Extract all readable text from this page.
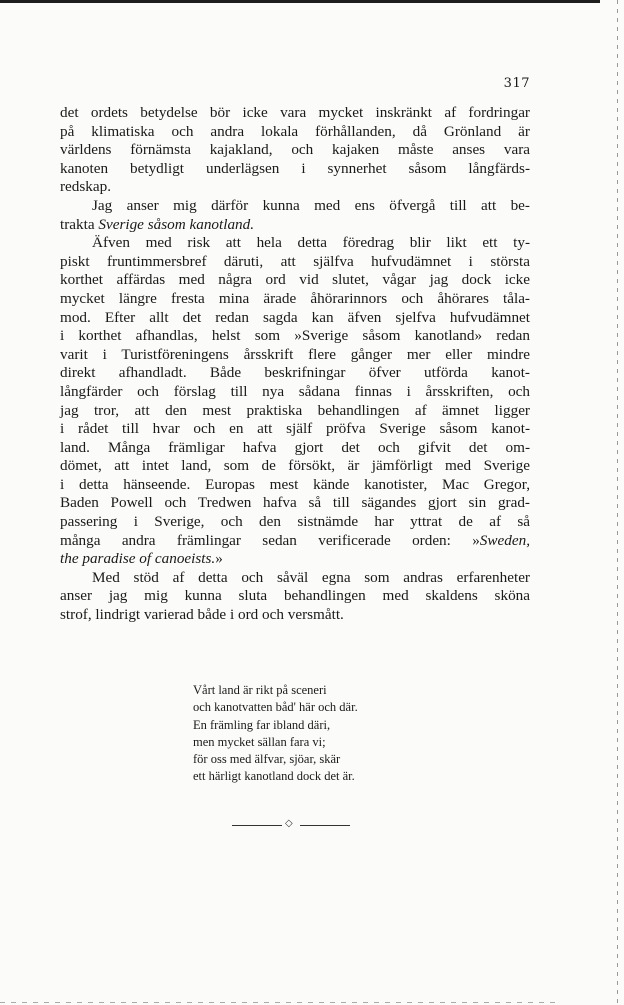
317
det ordets betydelse bör icke vara mycket inskränkt af fordringar
på klimatiska och andra lokala förhållanden, då Grönland är
världens förnämsta kajakland, och kajaken måste anses vara
kanoten betydligt underlägsen i synnerhet såsom långfärds-
redskap.
Jag anser mig därför kunna med ens öfvergå till att be-
trakta Sverige såsom kanotland.
Äfven med risk att hela detta föredrag blir likt ett ty-
piskt fruntimmersbref däruti, att själfva hufvudämnet i största
korthet affärdas med några ord vid slutet, vågar jag dock icke
mycket längre fresta mina ärade åhörarinnors och åhörares tåla-
mod. Efter allt det redan sagda kan äfven sjelfva hufvudämnet
i korthet afhandlas, helst som »Sverige såsom kanotland» redan
varit i Turistföreningens årsskrift flere gånger mer eller mindre
direkt afhandladt. Både beskrifningar öfver utförda kanot-
långfärder och förslag till nya sådana finnas i årsskriften, och
jag tror, att den mest praktiska behandlingen af ämnet ligger
i rådet till hvar och en att själf pröfva Sverige såsom kanot-
land. Många främligar hafva gjort det och gifvit det om-
dömet, att intet land, som de försökt, är jämförligt med Sverige
i detta hänseende. Europas mest kände kanotister, Mac Gregor,
Baden Powell och Tredwen hafva så till sägandes gjort sin grad-
passering i Sverige, och den sistnämde har yttrat de af så
många andra främlingar sedan verificerade orden: »Sweden,
the paradise of canoeists.»
Med stöd af detta och såväl egna som andras erfarenheter
anser jag mig kunna sluta behandlingen med skaldens sköna
strof, lindrigt varierad både i ord och versmått.
Vårt land är rikt på sceneri
och kanotvatten båd' här och där.
En främling far ibland däri,
men mycket sällan fara vi;
för oss med älfvar, sjöar, skär
ett härligt kanotland dock det är.
◇
